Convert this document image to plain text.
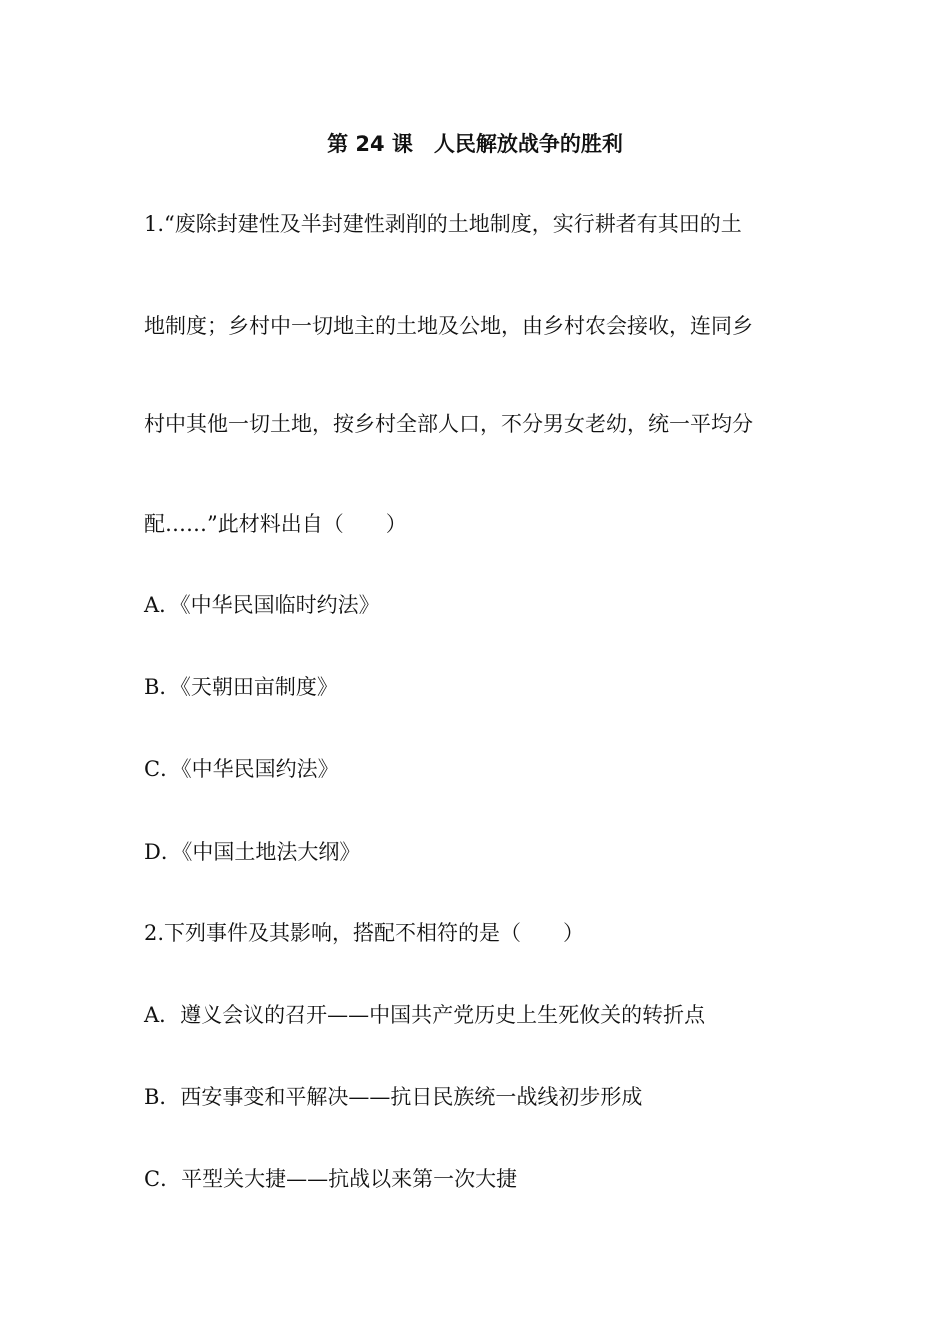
第 24 课　人民解放战争的胜利
1.“废除封建性及半封建性剥削的土地制度，实行耕者有其田的土
地制度；乡村中一切地主的土地及公地，由乡村农会接收，连同乡
村中其他一切土地，按乡村全部人口，不分男女老幼，统一平均分
配……”此材料出自（　　）
A．《中华民国临时约法》
B．《天朝田亩制度》
C．《中华民国约法》
D．《中国土地法大纲》
2.下列事件及其影响，搭配不相符的是（　　）
A．遵义会议的召开——中国共产党历史上生死攸关的转折点
B．西安事变和平解决——抗日民族统一战线初步形成
C．平型关大捷——抗战以来第一次大捷
